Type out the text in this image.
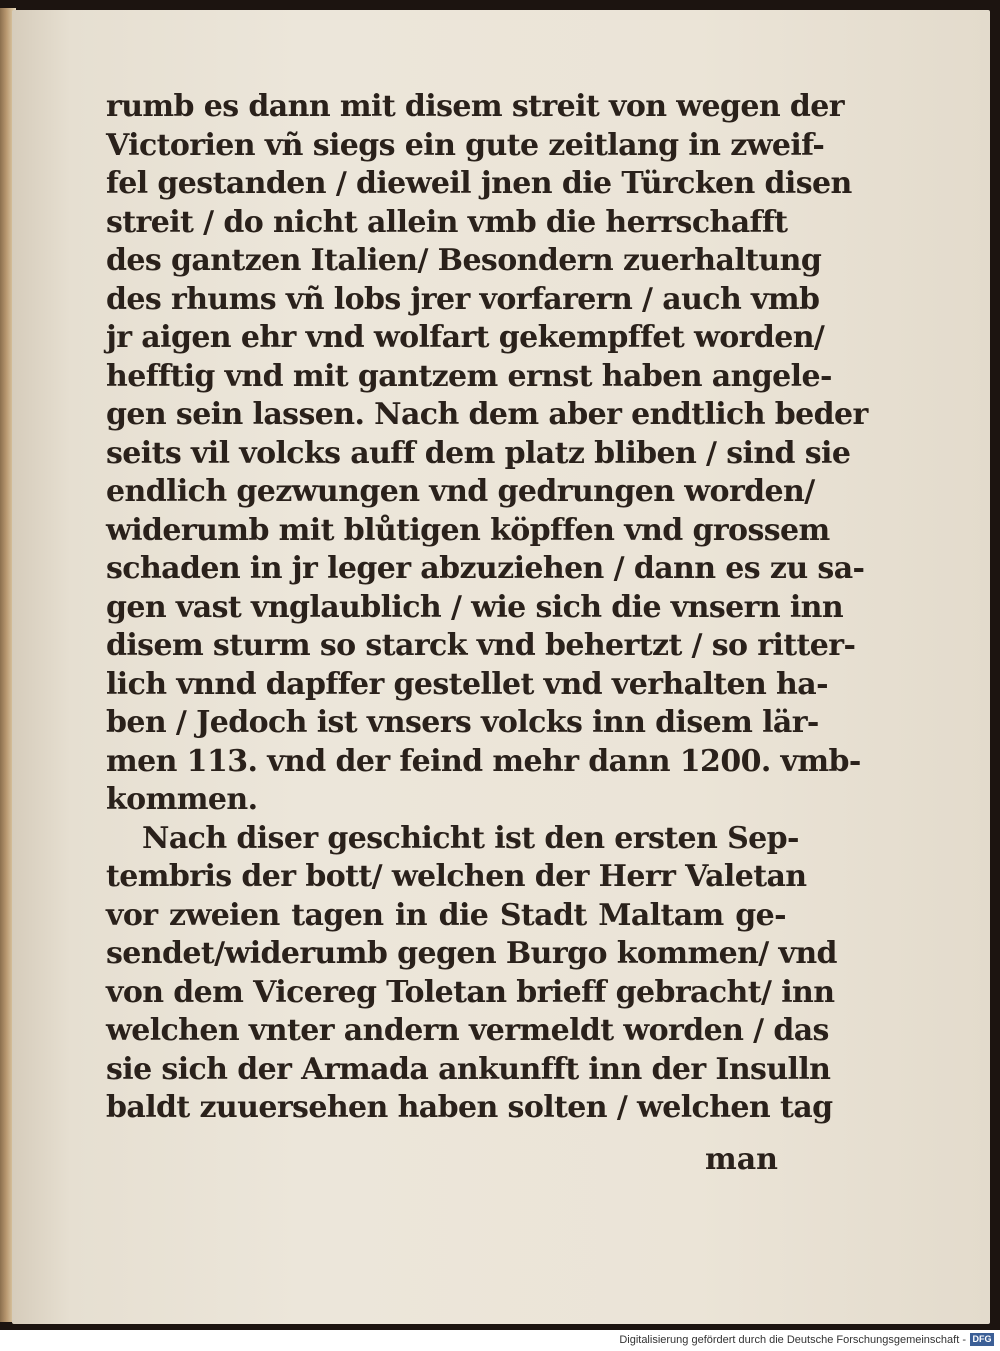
rumb es dann mit disem streit von wegen der
Victorien vñ siegs ein gute zeitlang in zweif-
fel gestanden / dieweil jnen die Türcken disen
streit / do nicht allein vmb die herrschafft
des gantzen Italien/ Besondern zuerhaltung
des rhums vñ lobs jrer vorfarern / auch vmb
jr aigen ehr vnd wolfart gekempffet worden/
hefftig vnd mit gantzem ernst haben angele-
gen sein lassen. Nach dem aber endtlich beder
seits vil volcks auff dem platz bliben / sind sie
endlich gezwungen vnd gedrungen worden/
widerumb mit blůtigen köpffen vnd grossem
schaden in jr leger abzuziehen / dann es zu sa-
gen vast vnglaublich / wie sich die vnsern inn
disem sturm so starck vnd behertzt / so ritter-
lich vnnd dapffer gestellet vnd verhalten ha-
ben / Jedoch ist vnsers volcks inn disem lär-
men 113. vnd der feind mehr dann 1200. vmb-
kommen.
Nach diser geschicht ist den ersten Sep-
tembris der bott/ welchen der Herr Valetan
vor zweien tagen in die Stadt Maltam ge-
sendet/widerumb gegen Burgo kommen/ vnd
von dem Vicereg Toletan brieff gebracht/ inn
welchen vnter andern vermeldt worden / das
sie sich der Armada ankunfft inn der Insulln
baldt zuuersehen haben solten / welchen tag
man
Digitalisierung gefördert durch die Deutsche Forschungsgemeinschaft - DFG
